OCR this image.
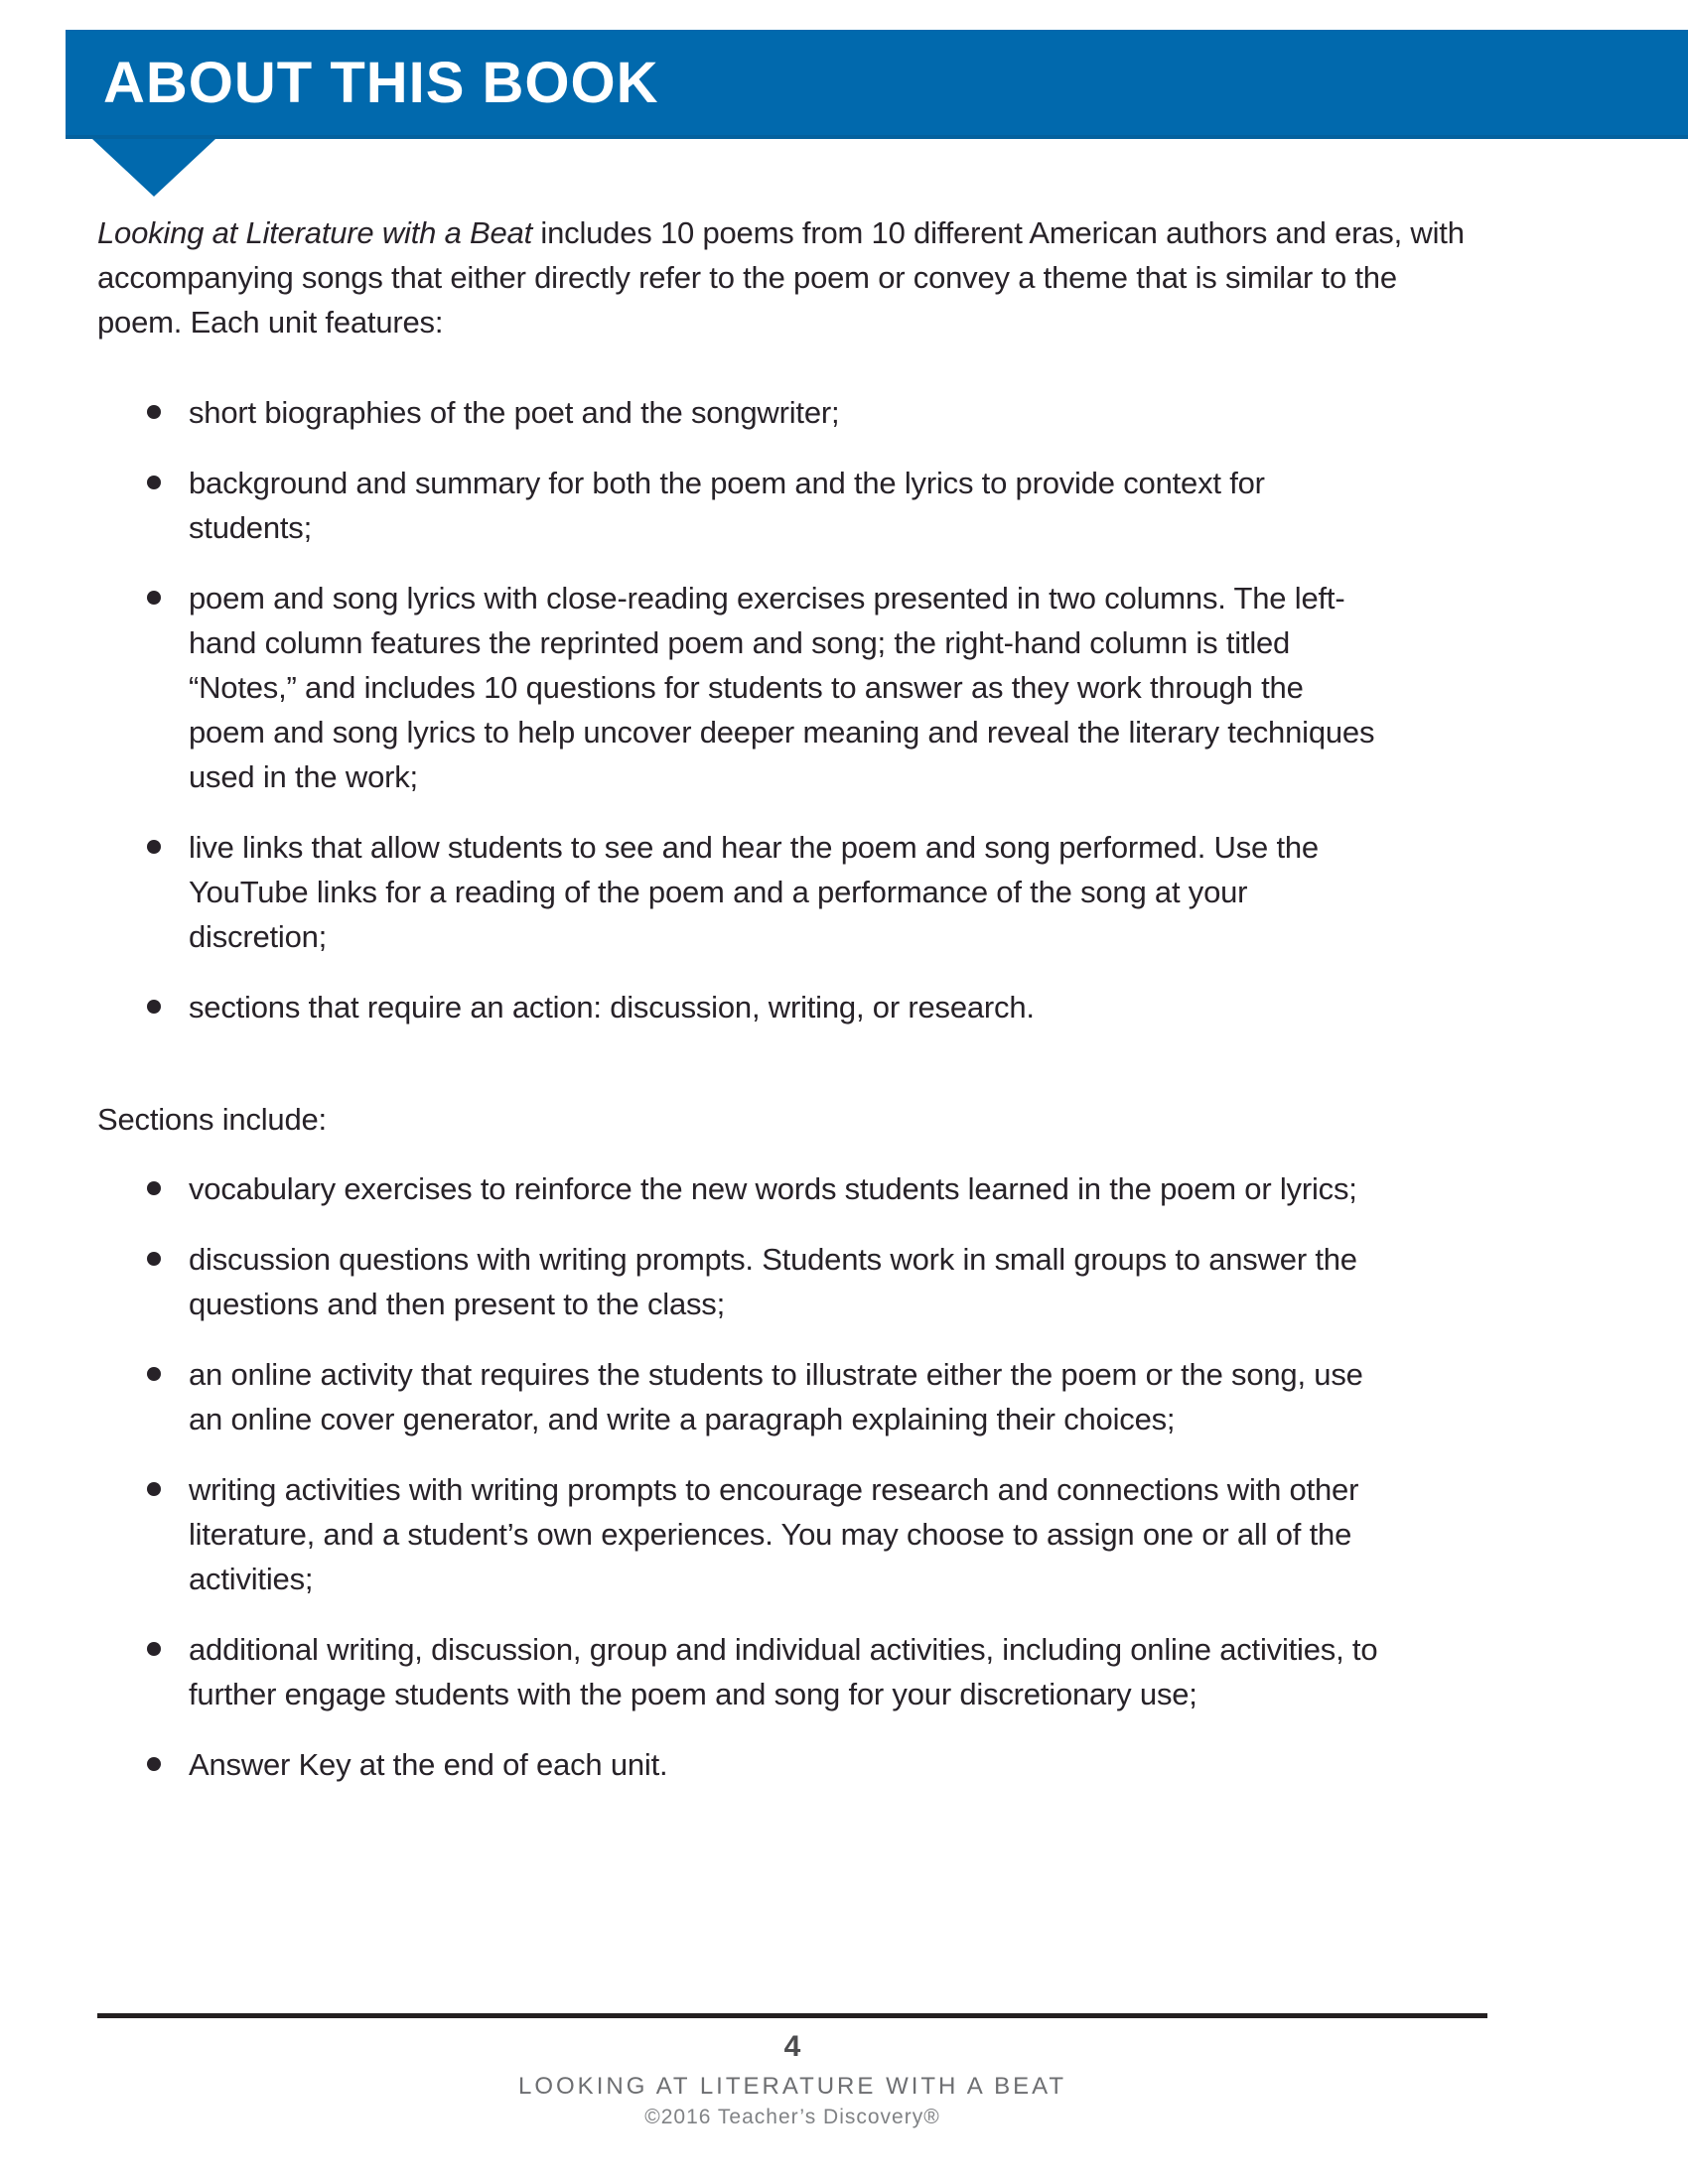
ABOUT THIS BOOK

Looking at Literature with a Beat includes 10 poems from 10 different American authors and eras, with accompanying songs that either directly refer to the poem or convey a theme that is similar to the poem. Each unit features:

short biographies of the poet and the songwriter;
background and summary for both the poem and the lyrics to provide context for students;
poem and song lyrics with close-reading exercises presented in two columns. The left-hand column features the reprinted poem and song; the right-hand column is titled “Notes,” and includes 10 questions for students to answer as they work through the poem and song lyrics to help uncover deeper meaning and reveal the literary techniques used in the work;
live links that allow students to see and hear the poem and song performed. Use the YouTube links for a reading of the poem and a performance of the song at your discretion;
sections that require an action: discussion, writing, or research.

Sections include:

vocabulary exercises to reinforce the new words students learned in the poem or lyrics;
discussion questions with writing prompts. Students work in small groups to answer the questions and then present to the class;
an online activity that requires the students to illustrate either the poem or the song, use an online cover generator, and write a paragraph explaining their choices;
writing activities with writing prompts to encourage research and connections with other literature, and a student’s own experiences. You may choose to assign one or all of the activities;
additional writing, discussion, group and individual activities, including online activities, to further engage students with the poem and song for your discretionary use;
Answer Key at the end of each unit.
4
LOOKING AT LITERATURE WITH A BEAT
©2016 Teacher’s Discovery®
